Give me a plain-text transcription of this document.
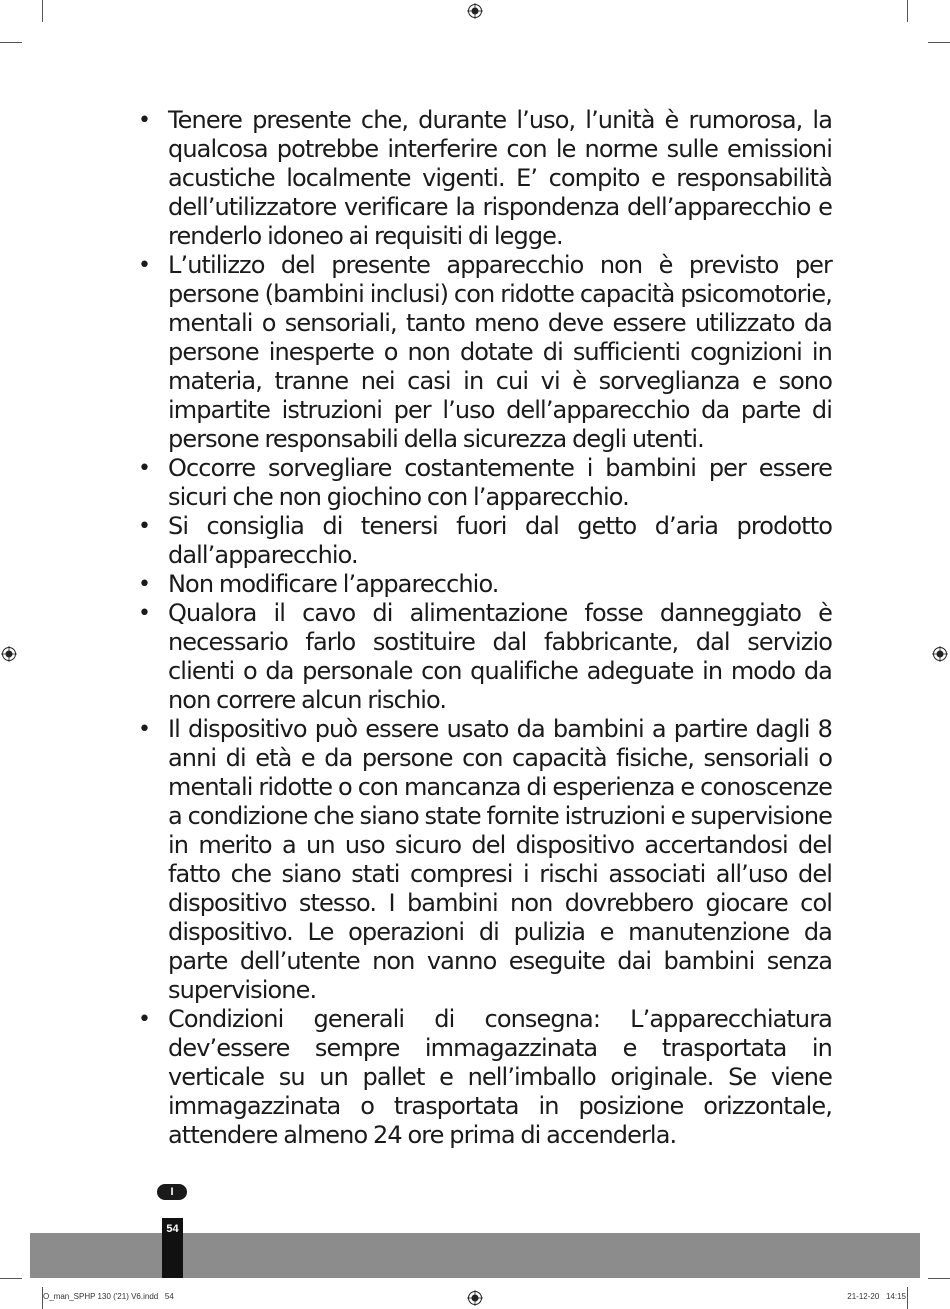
• Tenere presente che, durante l’uso, l’unità è rumorosa, la qualcosa potrebbe interferire con le norme sulle emissioni acustiche localmente vigenti. E’ compito e responsabilità dell’utilizzatore verificare la rispondenza dell’apparecchio e renderlo idoneo ai requisiti di legge.
• L’utilizzo del presente apparecchio non è previsto per persone (bambini inclusi) con ridotte capacità psicomotorie, mentali o sensoriali, tanto meno deve essere utilizzato da persone inesperte o non dotate di sufficienti cognizioni in materia, tranne nei casi in cui vi è sorveglianza e sono impartite istruzioni per l’uso dell’apparecchio da parte di persone responsabili della sicurezza degli utenti.
• Occorre sorvegliare costantemente i bambini per essere sicuri che non giochino con l’apparecchio.
• Si consiglia di tenersi fuori dal getto d’aria prodotto dall’apparecchio.
• Non modificare l’apparecchio.
• Qualora il cavo di alimentazione fosse danneggiato è necessario farlo sostituire dal fabbricante, dal servizio clienti o da personale con qualifiche adeguate in modo da non correre alcun rischio.
• Il dispositivo può essere usato da bambini a partire dagli 8 anni di età e da persone con capacità fisiche, sensoriali o mentali ridotte o con mancanza di esperienza e conoscenze a condizione che siano state fornite istruzioni e supervisione in merito a un uso sicuro del dispositivo accertandosi del fatto che siano stati compresi i rischi associati all’uso del dispositivo stesso. I bambini non dovrebbero giocare col dispositivo. Le operazioni di pulizia e manutenzione da parte dell’utente non vanno eseguite dai bambini senza supervisione.
• Condizioni generali di consegna: L’apparecchiatura dev’essere sempre immagazzinata e trasportata in verticale su un pallet e nell’imballo originale. Se viene immagazzinata o trasportata in posizione orizzontale, attendere almeno 24 ore prima di accenderla.
I
54
O_man_SPHP 130 ('21) V6.indd   54	21-12-20   14:15
